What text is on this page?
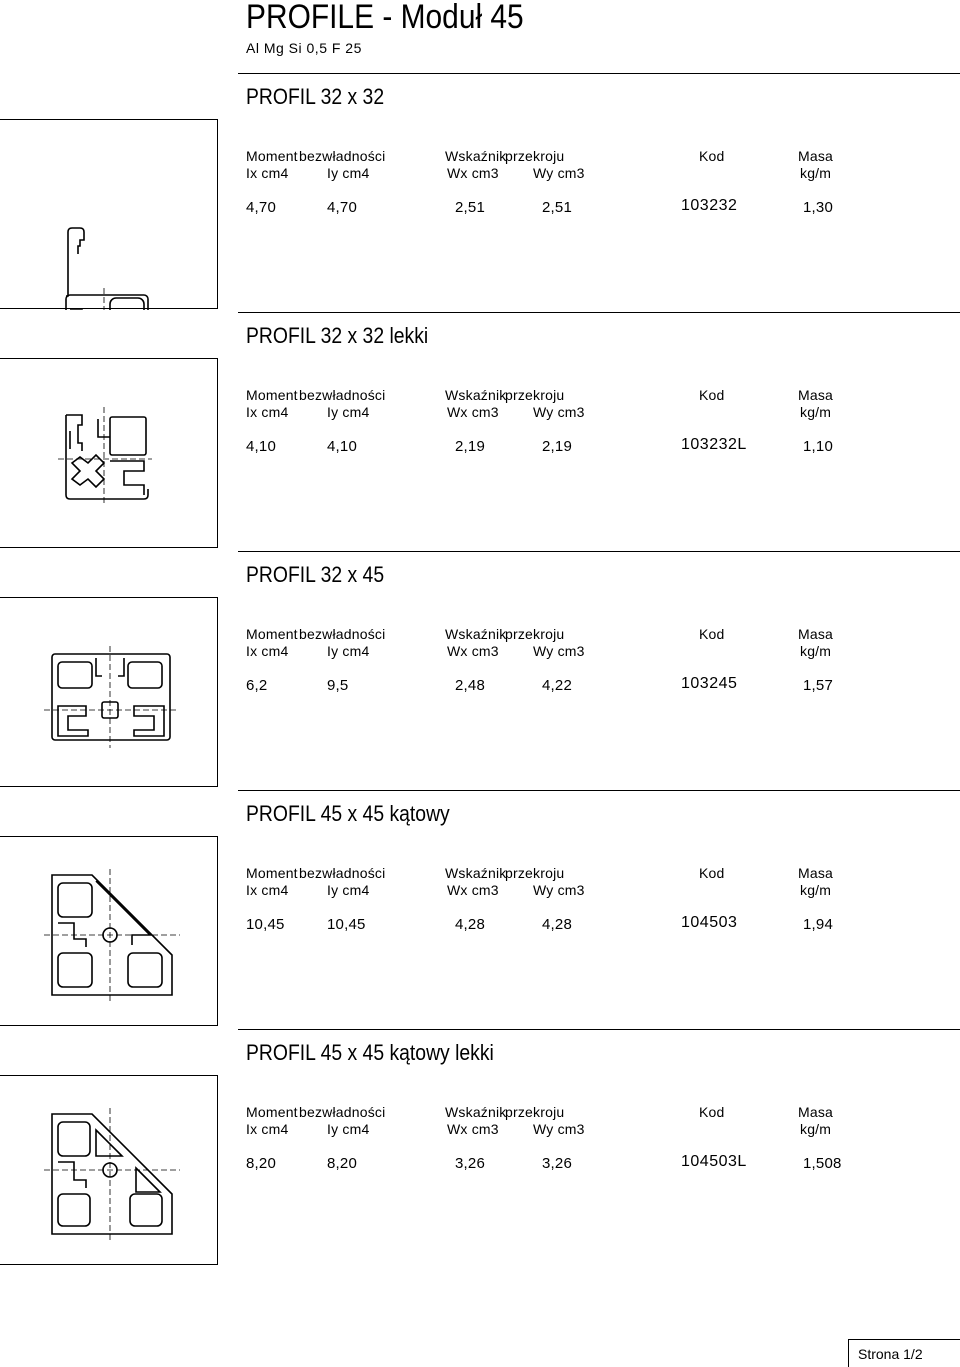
PROFILE - Moduł 45
Al Mg Si 0,5 F 25
PROFIL 32 x 32
Moment bezwładności	Wskaźnik
przekroju	Kod	Masa
Ix cm4	Iy cm4	Wx cm3 Wy cm3	kg/m
4,70	4,70	2,51	2,51	103232	1,30
PROFIL 32 x 32 lekki
Moment bezwładności	Wskaźnik
przekroju	Kod	Masa
Ix cm4	Iy cm4	Wx cm3 Wy cm3	kg/m
4,10	4,10	2,19	2,19	103232L	1,10
PROFIL 32 x 45
Moment bezwładności	Wskaźnik
przekroju	Kod	Masa
Ix cm4	Iy cm4	Wx cm3 Wy cm3	kg/m
6,2	9,5	2,48	4,22	103245	1,57
PROFIL 45 x 45 kątowy
Moment bezwładności	Wskaźnik
przekroju	Kod	Masa
Ix cm4	Iy cm4	Wx cm3 Wy cm3	kg/m
10,45	10,45	4,28	4,28	104503	1,94
PROFIL 45 x 45 kątowy lekki
Moment bezwładności	Wskaźnik
przekroju	Kod	Masa
Ix cm4	Iy cm4	Wx cm3 Wy cm3	kg/m
8,20	8,20	3,26	3,26	104503L	1,508
Strona 1/2
